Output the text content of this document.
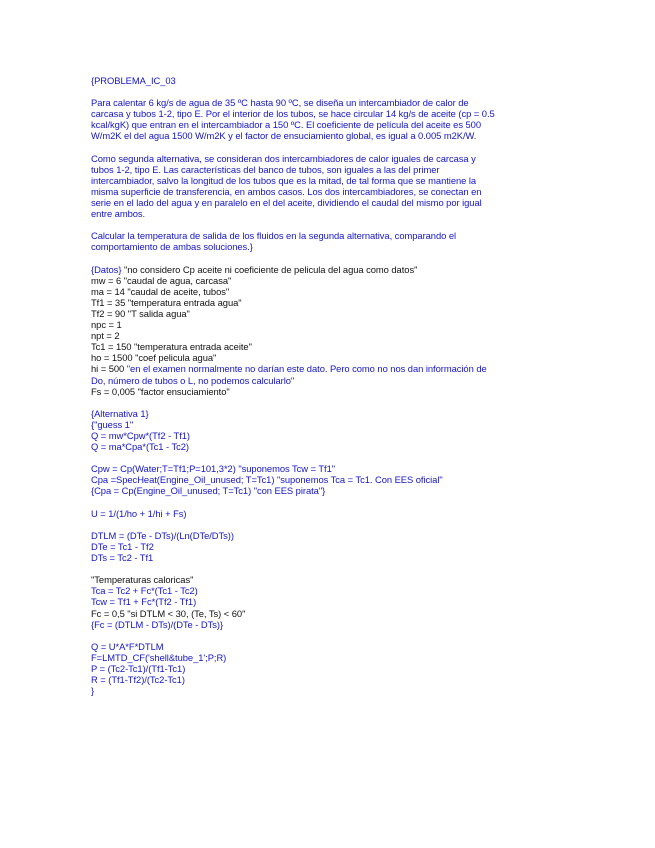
{PROBLEMA_IC_03
Para calentar 6 kg/s de agua de 35 ºC hasta 90 ºC, se diseña un intercambiador de calor de
carcasa y tubos 1-2, tipo E. Por el interior de los tubos, se hace circular 14 kg/s de aceite (cp = 0.5
kcal/kgK) que entran en el intercambiador a 150 ºC. El coeficiente de película del aceite es 500
W/m2K el del agua 1500 W/m2K y el factor de ensuciamiento global, es igual a 0.005 m2K/W.
Como segunda alternativa, se consideran dos intercambiadores de calor iguales de carcasa y
tubos 1-2, tipo E. Las características del banco de tubos, son iguales a las del primer
intercambiador, salvo la longitud de los tubos que es la mitad, de tal forma que se mantiene la
misma superficie de transferencia, en ambos casos. Los dos intercambiadores, se conectan en
serie en el lado del agua y en paralelo en el del aceite, dividiendo el caudal del mismo por igual
entre ambos.
Calcular la temperatura de salida de los fluidos en la segunda alternativa, comparando el
comportamiento de ambas soluciones.}
{Datos} "no considero Cp aceite ni coeficiente de pelicula del agua como datos"
mw = 6 "caudal de agua, carcasa"
ma = 14 "caudal de aceite, tubos"
Tf1 = 35 "temperatura entrada agua"
Tf2 = 90 "T salida agua"
npc = 1
npt = 2
Tc1 = 150 "temperatura entrada aceite"
ho = 1500 "coef pelicula agua"
hi = 500 "en el examen normalmente no darían este dato. Pero como no nos dan información de
Do, número de tubos o L, no podemos calcularlo"
Fs = 0,005 "factor ensuciamiento"
{Alternativa 1}
{"guess 1"
Q = mw*Cpw*(Tf2 - Tf1)
Q = ma*Cpa*(Tc1 - Tc2)
Cpw = Cp(Water;T=Tf1;P=101,3*2) "suponemos Tcw = Tf1"
Cpa =SpecHeat(Engine_Oil_unused; T=Tc1) "suponemos Tca = Tc1. Con EES oficial"
{Cpa = Cp(Engine_Oil_unused; T=Tc1) "con EES pirata"}
U = 1/(1/ho + 1/hi + Fs)
DTLM = (DTe - DTs)/(Ln(DTe/DTs))
DTe = Tc1 - Tf2
DTs = Tc2 - Tf1
"Temperaturas caloricas"
Tca = Tc2 + Fc*(Tc1 - Tc2)
Tcw = Tf1 + Fc*(Tf2 - Tf1)
Fc = 0,5 "si DTLM < 30, (Te, Ts) < 60"
{Fc = (DTLM - DTs)/(DTe - DTs)}
Q = U*A*F*DTLM
F=LMTD_CF('shell&tube_1';P;R)
P = (Tc2-Tc1)/(Tf1-Tc1)
R = (Tf1-Tf2)/(Tc2-Tc1)
}
